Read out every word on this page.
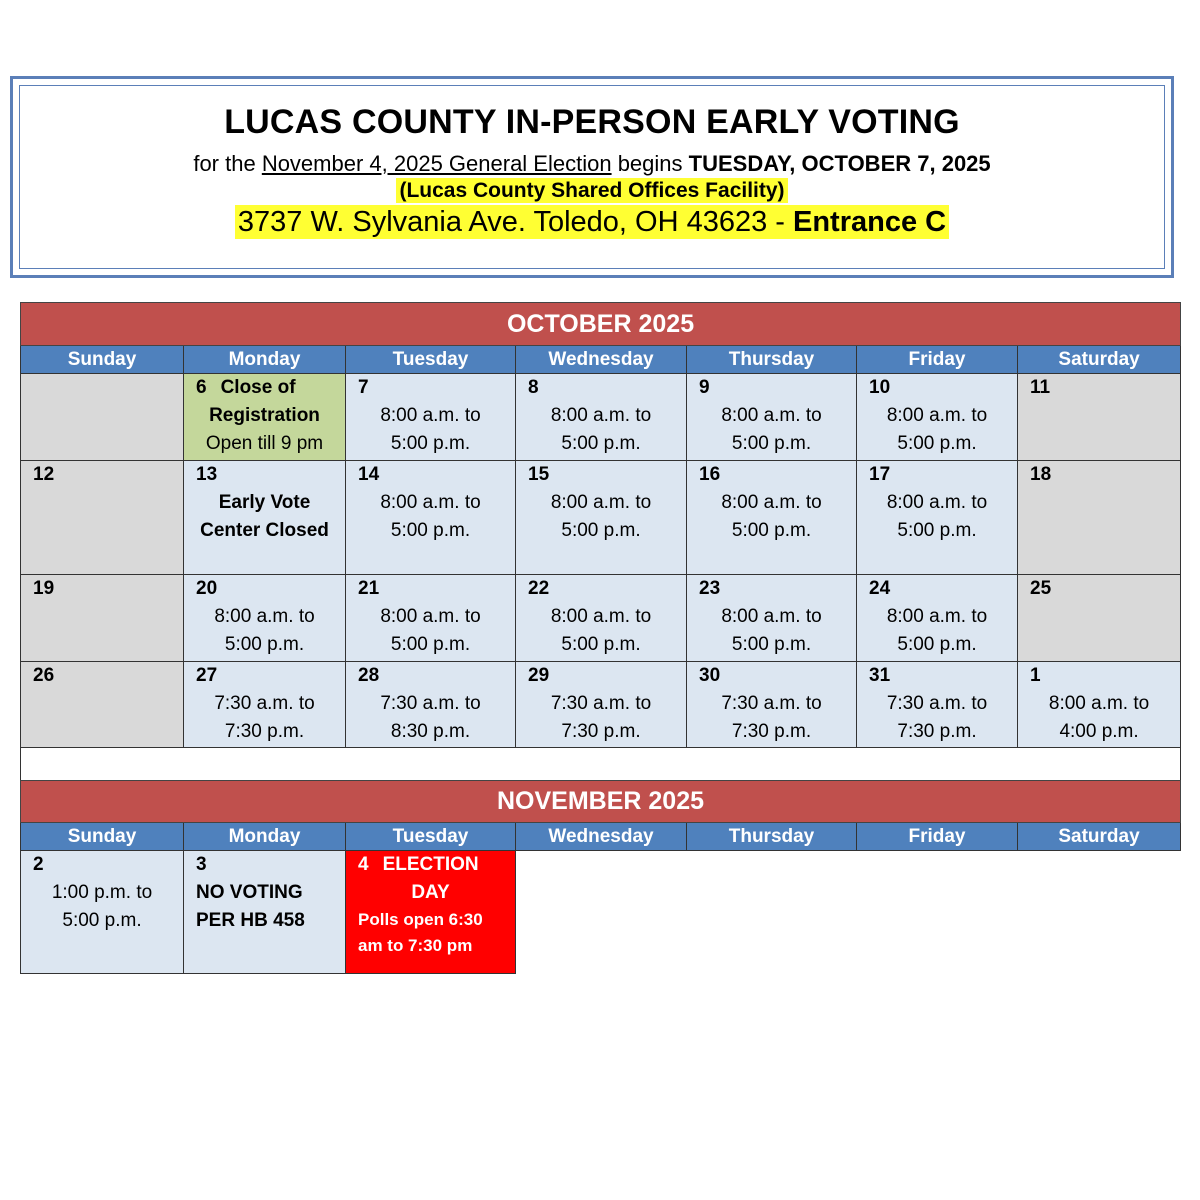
LUCAS COUNTY IN-PERSON EARLY VOTING
for the November 4, 2025 General Election begins TUESDAY, OCTOBER 7, 2025
(Lucas County Shared Offices Facility)
3737 W. Sylvania Ave. Toledo, OH 43623 - Entrance C
OCTOBER 2025						
Sunday	Monday	Tuesday	Wednesday	Thursday	Friday	Saturday

	6 Close of
Registration
Open till 9 pm	7
8:00 a.m. to
5:00 p.m.	8
8:00 a.m. to
5:00 p.m.	9
8:00 a.m. to
5:00 p.m.	10
8:00 a.m. to
5:00 p.m.	11

12	13
Early Vote
Center Closed	14
8:00 a.m. to
5:00 p.m.	15
8:00 a.m. to
5:00 p.m.	16
8:00 a.m. to
5:00 p.m.	17
8:00 a.m. to
5:00 p.m.	18

19	20
8:00 a.m. to
5:00 p.m.	21
8:00 a.m. to
5:00 p.m.	22
8:00 a.m. to
5:00 p.m.	23
8:00 a.m. to
5:00 p.m.	24
8:00 a.m. to
5:00 p.m.	25

26	27
7:30 a.m. to
7:30 p.m.	28
7:30 a.m. to
8:30 p.m.	29
7:30 a.m. to
7:30 p.m.	30
7:30 a.m. to
7:30 p.m.	31
7:30 a.m. to
7:30 p.m.	1
8:00 a.m. to
4:00 p.m.

NOVEMBER 2025						
Sunday	Monday	Tuesday	Wednesday	Thursday	Friday	Saturday

2
1:00 p.m. to
5:00 p.m.	3
NO VOTING
PER HB 458	4 ELECTION
DAY
Polls open 6:30
am to 7:30 pm				
